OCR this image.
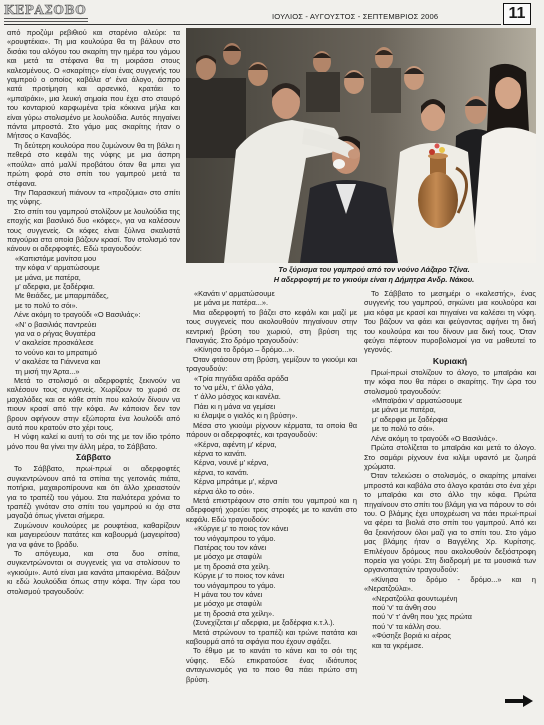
ΚΕΡΑΣΟΒΟ	ΙΟΥΛΙΟΣ - ΑΥΓΟΥΣΤΟΣ - ΣΕΠΤΕΜΒΡΙΟΣ 2006	11

από προζύμι ρεβιθιού και σταρένιο αλεύρι: τα «ρουφτέκια». Τη μια κουλούρα θα τη βάλουν στο δισάκι του αλόγου του σκαρίτη την ημέρα του γάμου και μετά τα στέφανα θα τη μοιράσει στους καλεσμένους. Ο «σκαρίτης» είναι ένας συγγενής του γαμπρού ο οποίος καβάλα σ' ένα άλογο, άσπρο κατά προτίμηση και αρσενικό, κρατάει το «μπαϊράκι», μια λευκή σημαία που έχει στο σταυρό του κονταριού καρφωμένα τρία κόκκινα μήλα και είναι γύρω στολισμένο με λουλούδια. Αυτός πηγαίνει πάντα μπροστά. Στο γάμο μας σκαρίτης ήταν ο Μήτσος ο Καναβός.

Τη δεύτερη κουλούρα που ζυμώνουν θα τη βάλει η πεθερά στο κεφάλι της νύφης με μια άσπρη «πούλα» από μαλλί προβάτου όταν θα μπει για πρώτη φορά στο σπίτι του γαμπρού μετά τα στέφανα.

Την Παρασκευή πιάνουν τα «προζύμια» στο σπίτι της νύφης.

Στο σπίτι του γαμπρού στολίζουν με λουλούδια της εποχής και βασιλικό δυο «κόφες», για να καλέσουν τους συγγενείς. Οι κόφες είναι ξύλινα σκαλιστά παγούρια στα οποία βάζουν κρασί. Τον στολισμό τον κάνουν οι αδερφοφτές. Εδώ τραγουδούν:

«Καπιστάμε μανίτσα μου
την κόφα ν' αρματώσουμε
με μάνα, με πατέρα,
μ' αδερφια, με ξαδέρφια.
Με θειάδες, με μπαρμπάδες,
με το πολύ το σόι».

Λένε ακόμη το τραγούδι «Ο Βασιλιάς»:

«Ν' ο βασιλιάς παντρεύει
για να ο ρήγας θυγατέρα
ν' ακαλείσε προσκάλεσε
το νούνο και το μπρατιμό
ν' ακαλέσε τα Γιάννενα και
τη μισή την Άρτα...»

Μετά το στολισμό οι αδερφοφτές ξεκινούν να καλέσουν τους συγγενείς. Χωρίζουν το χωριό σε μαχαλάδες και σε κάθε σπίτι που καλούν δίνουν να πιουν κρασί από την κόφα. Αν κάποιον δεν τον βρουν αφήνουν στην εξώπορτα ένα λουλούδι από αυτά που κρατούν στο χέρι τους.

Η νύφη καλεί κι αυτή το σόι της με τον ίδιο τρόπο μόνο που θα γίνει την άλλη μέρα, το Σάββατο.

Σάββατο

Το Σάββατο, πρωί-πρωί οι αδερφοφτές συγκεντρώνουν από τα σπίτια της γειτονιάς πιάτα, ποτήρια, μαχαιροπίρουνα και ότι άλλο χρειαστούν για το τραπέζι του γάμου. Στα παλιότερα χρόνια το τραπέζι γινόταν στο σπίτι του γαμπρού κι όχι στα μαγαζιά όπως γίνεται σήμερα.

Ζυμώνουν κουλούρες με ρουφτέκια, καθαρίζουν και μαγειρεύουν πατάτες και καβουρμά (μαγειρίτσα) για να φάνε το βράδυ.

Το απόγευμα, και στα δυο σπίτια, συγκεντρώνονται οι συγγενείς για να στολίσουν το «γκιούμι». Αυτό είναι μια κανάτα μπακιρένια. Βάζουν κι εδώ λουλούδια όπως στην κόφα. Την ώρα του στολισμού τραγουδούν:

Το ξύρισμα του γαμπρού από τον νούνο Λάζαρο Τζίνα.
Η αδερφοφτή με το γκιούμι είναι η Δήμητρα Ανδρ. Νάκου.
«Κανάτι ν' αρματώσουμε
με μάνα με πατέρα...».

Μια αδερφοφτή το βάζει στο κεφάλι και μαζί με τους συγγενείς που ακολουθούν πηγαίνουν στην κεντρική βρύση του χωριού, στη βρύση της Παναγιάς. Στο δρόμο τραγουδούν:

«Κίνησα το δρόμο – δρόμο...».

Όταν φτάσουν στη βρύση, γεμίζουν το γκιούμι και τραγουδούν:

«Τρία πηγάδια αράδα αράδα
το 'να μέλι, τ' άλλο γάλα,
τ' άλλο μόσχος και κανέλα.
Πάει κι η μάνα να γεμίσει
κι έλαμψε ο γιαλός κι η βρύση».

Μέσα στο γκιούμι ρίχνουν κέρματα, τα οποία θα πάρουν οι αδερφοφτές, και τραγουδούν:

«Κέρνα, αφέντη μ' κέρνα,
κέρνα το κανάτι.
Κέρνα, νουνέ μ' κέρνα,
κέρνα, το κανάτι.
Κέρνα μπράτιμε μ', κέρνα
κέρνα όλο το σόι».

Μετά επιστρέφουν στο σπίτι του γαμπρού και η αδερφοφτή χορεύει τρεις στροφές με το κανάτι στο κεφάλι. Εδώ τραγουδούν:

«Κύργιε μ' το ποιος τον κάνει
του νιόγαμπρου το γάμο.
Πατέρας του τον κάνει
με μόσχο με σταφύλι
με τη δροσιά στα χείλη.
Κύργιε μ' το ποιος τον κάνει
του νιόγαμπρου το γάμο.
Η μάνα του τον κάνει
με μόσχο με σταφύλι
με τη δροσιά στα χείλη».

(Συνεχίζεται μ' αδερφια, με ξαδέρφια κ.τ.λ.).

Μετά στρώνουν το τραπέζι και τρώνε πατάτα και καβουρμά από τα σφάγια που έχουν σφάξει.

Το έθιμο με το κανάτι το κάνει και το σόι της νύφης. Εδώ επικρατούσε ένας ιδιότυπος ανταγωνισμός για το ποιο θα πάει πρώτο στη βρύση.

Το Σάββατο το μεσημέρι ο «καλεστής», ένας συγγενής του γαμπρού, σηκώνει μια κουλούρα και μια κόφα με κρασί και πηγαίνει να καλέσει τη νύφη. Του βάζουν να φάει και φεύγοντας αφήνει τη δική του κουλούρα και του δίνουν μια δική τους. Όταν φεύγει πέφτουν πυροβολισμοί για να μαθευτεί το γεγονός.

Κυριακή

Πρωί-πρωί στολίζουν το άλογο, το μπαϊράκι και την κόφα που θα πάρει ο σκαρίτης. Την ώρα του στολισμού τραγουδούν:

«Μπαϊράκι ν' αρματώσουμε
με μάνα με πατέρα,
μ' αδερφια με ξαδέρφια
με το πολύ το σόι».

Λένε ακόμη το τραγούδι «Ο Βασιλιάς».

Πρώτα στολίζεται το μπαϊράκι και μετά το άλογο. Στο σαμάρι ρίχνουν ένα κιλίμι υφαντό με ζωηρά χρώματα.

Όταν τελειώσει ο στολισμός, ο σκαρίτης μπαίνει μπροστά και καβάλα στο άλογο κρατάει στο ένα χέρι το μπαϊράκι και στο άλλο την κόφα. Πρώτα πηγαίνουν στο σπίτι του βλάμη για να πάρουν το σόι του. Ο βλάμης έχει υποχρέωση να πάει πρωί-πρωί να φέρει τα βιολιά στο σπίτι του γαμπρού. Από κει θα ξεκινήσουν όλοι μαζί για το σπίτι του. Στο γάμο μας βλάμης ήταν ο Βαγγέλης Χρ. Κυρίτσης. Επιλέγουν δρόμους που ακολουθούν δεξιόστροφη πορεία για γούρι. Στη διαδρομή με τα μουσικά των οργανοπαιχτών τραγουδούν:

«Κίνησα το δρόμο - δρόμο...» και η «Νερατζούλα».

«Νερατζούλα φουντωμένη
πού 'ν' τα άνθη σου
πού 'ν' τ' άνθη που 'χες πρώτα
πού 'ν' τα κάλλη σου.
«Φύσηξε βοριά κι αέρας
και τα γκρέμισε.
